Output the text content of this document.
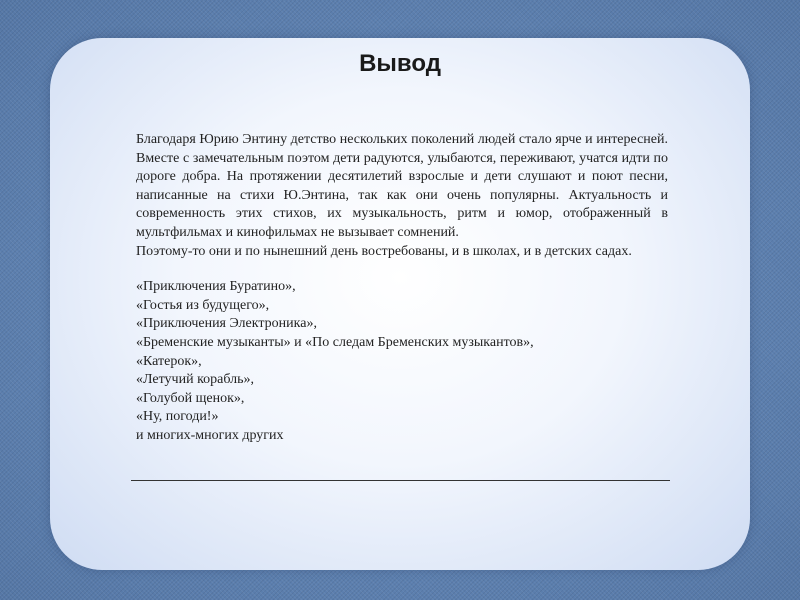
Вывод

Благодаря Юрию Энтину детство нескольких поколений людей стало ярче и интересней. Вместе с замечательным поэтом дети радуются, улыбаются, переживают, учатся идти по дороге добра. На протяжении десятилетий взрослые и дети слушают и поют песни, написанные на стихи Ю.Энтина, так как они очень популярны. Актуальность и современность этих стихов, их музыкальность, ритм и юмор, отображенный в мультфильмах и кинофильмах не вызывает сомнений.

Поэтому-то они и по нынешний день востребованы, и в школах, и в детских садах.

«Приключения Буратино»,
«Гостья из будущего»,
«Приключения Электроника»,
«Бременские музыканты» и «По следам Бременских музыкантов»,
«Катерок»,
«Летучий корабль»,
«Голубой щенок»,
«Ну, погоди!»
и многих-многих других
